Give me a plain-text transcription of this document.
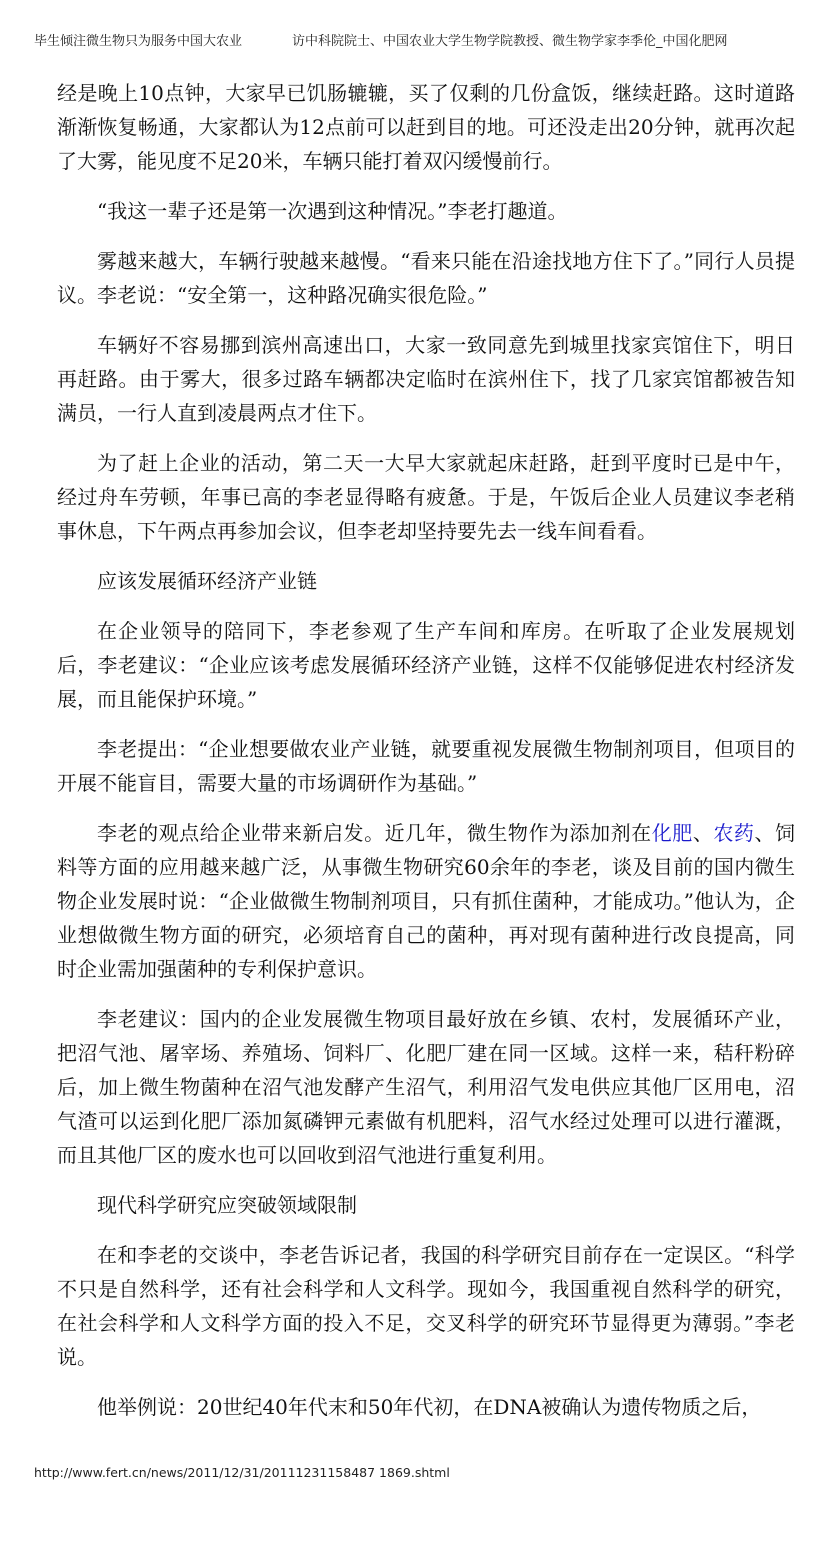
毕生倾注微生物只为服务中国大农业	访中科院院士、中国农业大学生物学院教授、微生物学家李季伦_中国化肥网

经是晚上10点钟，大家早已饥肠辘辘，买了仅剩的几份盒饭，继续赶路。这时道路渐渐恢复畅通，大家都认为12点前可以赶到目的地。可还没走出20分钟，就再次起了大雾，能见度不足20米，车辆只能打着双闪缓慢前行。

“我这一辈子还是第一次遇到这种情况。”李老打趣道。

雾越来越大，车辆行驶越来越慢。“看来只能在沿途找地方住下了。”同行人员提议。李老说：“安全第一，这种路况确实很危险。”

车辆好不容易挪到滨州高速出口，大家一致同意先到城里找家宾馆住下，明日再赶路。由于雾大，很多过路车辆都决定临时在滨州住下，找了几家宾馆都被告知满员，一行人直到凌晨两点才住下。

为了赶上企业的活动，第二天一大早大家就起床赶路，赶到平度时已是中午，经过舟车劳顿，年事已高的李老显得略有疲惫。于是，午饭后企业人员建议李老稍事休息，下午两点再参加会议，但李老却坚持要先去一线车间看看。

应该发展循环经济产业链

在企业领导的陪同下，李老参观了生产车间和库房。在听取了企业发展规划后，李老建议：“企业应该考虑发展循环经济产业链，这样不仅能够促进农村经济发展，而且能保护环境。”

李老提出：“企业想要做农业产业链，就要重视发展微生物制剂项目，但项目的开展不能盲目，需要大量的市场调研作为基础。”

李老的观点给企业带来新启发。近几年，微生物作为添加剂在化肥、农药、饲料等方面的应用越来越广泛，从事微生物研究60余年的李老，谈及目前的国内微生物企业发展时说：“企业做微生物制剂项目，只有抓住菌种，才能成功。”他认为，企业想做微生物方面的研究，必须培育自己的菌种，再对现有菌种进行改良提高，同时企业需加强菌种的专利保护意识。

李老建议：国内的企业发展微生物项目最好放在乡镇、农村，发展循环产业，把沼气池、屠宰场、养殖场、饲料厂、化肥厂建在同一区域。这样一来，秸秆粉碎后，加上微生物菌种在沼气池发酵产生沼气，利用沼气发电供应其他厂区用电，沼气渣可以运到化肥厂添加氮磷钾元素做有机肥料，沼气水经过处理可以进行灌溉，而且其他厂区的废水也可以回收到沼气池进行重复利用。

现代科学研究应突破领域限制

在和李老的交谈中，李老告诉记者，我国的科学研究目前存在一定误区。“科学不只是自然科学，还有社会科学和人文科学。现如今，我国重视自然科学的研究，在社会科学和人文科学方面的投入不足，交叉科学的研究环节显得更为薄弱。”李老说。

他举例说：20世纪40年代末和50年代初，在DNA被确认为遗传物质之后，

http://www.fert.cn/news/2011/12/31/20111231158487 1869.shtml
